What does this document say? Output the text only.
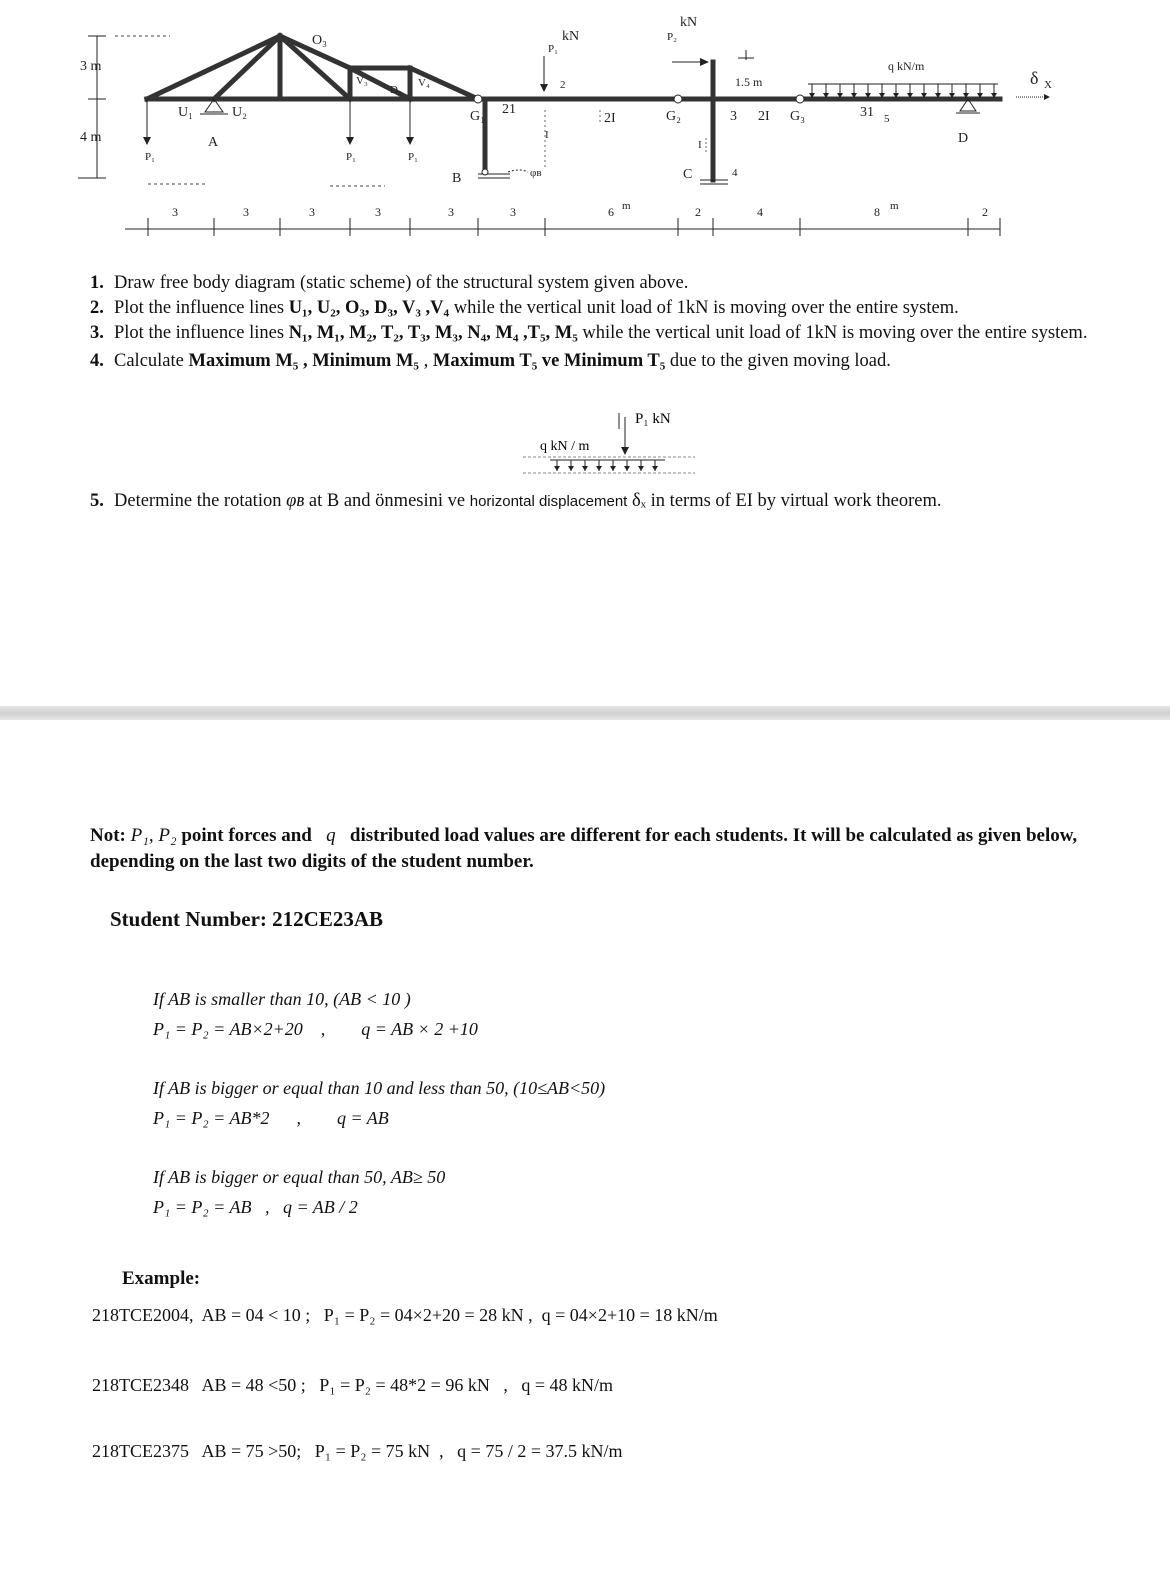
3 m
4 m
U₁	U₂
O₃
V₃
D₃
V₄
A
P₁	P₁	P₁
G₁ 21	G₂	G₃
B	φʙ
I
2I
kN
P₁
2
kN
P₂
1.5 m
C	4
I
3 2I
q kN/m
31 5
D
δ X
3	3	3	3	3	3	6 m	2	4	8 m	2
1. Draw free body diagram (static scheme) of the structural system given above.
2. Plot the influence lines U₁, U₂, O₃, D₃, V₃ ,V₄ while the vertical unit load of 1kN is moving over the entire system.
3. Plot the influence lines N₁, M₁, M₂, T₂, T₃, M₃, N₄, M₄ ,T₅, M₅ while the vertical unit load of 1kN is moving over the entire system.
4. Calculate Maximum M₅ , Minimum M₅ , Maximum T₅ ve Minimum T₅ due to the given moving load.
P₁ kN
q kN / m
5. Determine the rotation φʙ at B and önmesini ve horizontal displacement δₓ in terms of EI by virtual work theorem.
Not: P₁, P₂ point forces and q distributed load values are different for each students. It will be calculated as given below, depending on the last two digits of the student number.
Student Number: 212CE23AB
If AB is smaller than 10, (AB < 10 )
P₁ = P₂ = AB×2+20    ,        q = AB × 2 +10
If AB is bigger or equal than 10 and less than 50, (10≤AB<50)
P₁ = P₂ = AB*2      ,        q = AB
If AB is bigger or equal than 50, AB≥ 50
P₁ = P₂ = AB   ,   q = AB / 2
Example:
218TCE2004,  AB = 04 < 10 ;   P₁ = P₂ = 04×2+20 = 28 kN ,  q = 04×2+10 = 18 kN/m
218TCE2348   AB = 48 <50 ;   P₁ = P₂ = 48*2 = 96 kN   ,   q = 48 kN/m
218TCE2375   AB = 75 >50;   P₁ = P₂ = 75 kN  ,   q = 75 / 2 = 37.5 kN/m
